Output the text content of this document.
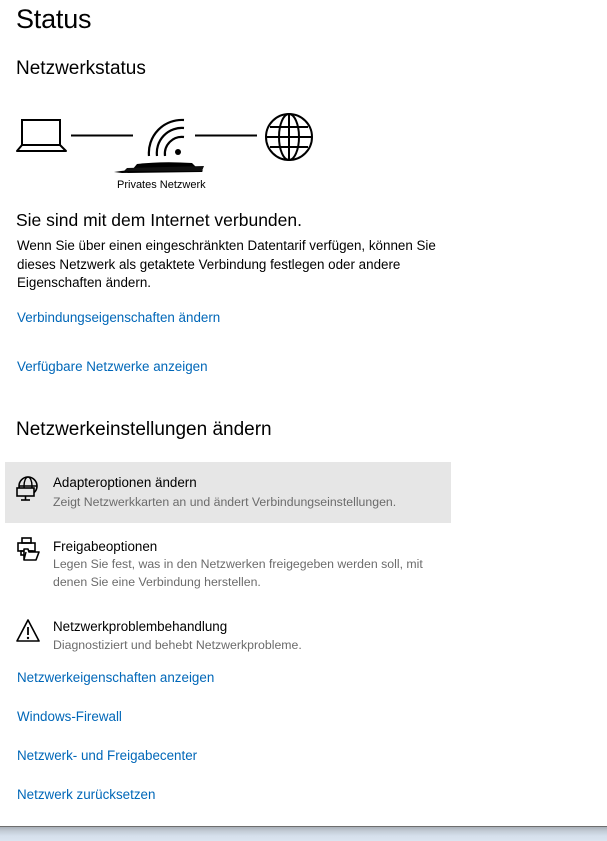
Status
Netzwerkstatus
Privates Netzwerk
Sie sind mit dem Internet verbunden.
Wenn Sie über einen eingeschränkten Datentarif verfügen, können Sie dieses Netzwerk als getaktete Verbindung festlegen oder andere Eigenschaften ändern.
Verbindungseigenschaften ändern
Verfügbare Netzwerke anzeigen
Netzwerkeinstellungen ändern
Adapteroptionen ändern
Zeigt Netzwerkkarten an und ändert Verbindungseinstellungen.
Freigabeoptionen
Legen Sie fest, was in den Netzwerken freigegeben werden soll, mit denen Sie eine Verbindung herstellen.
Netzwerkproblembehandlung
Diagnostiziert und behebt Netzwerkprobleme.
Netzwerkeigenschaften anzeigen
Windows-Firewall
Netzwerk- und Freigabecenter
Netzwerk zurücksetzen
